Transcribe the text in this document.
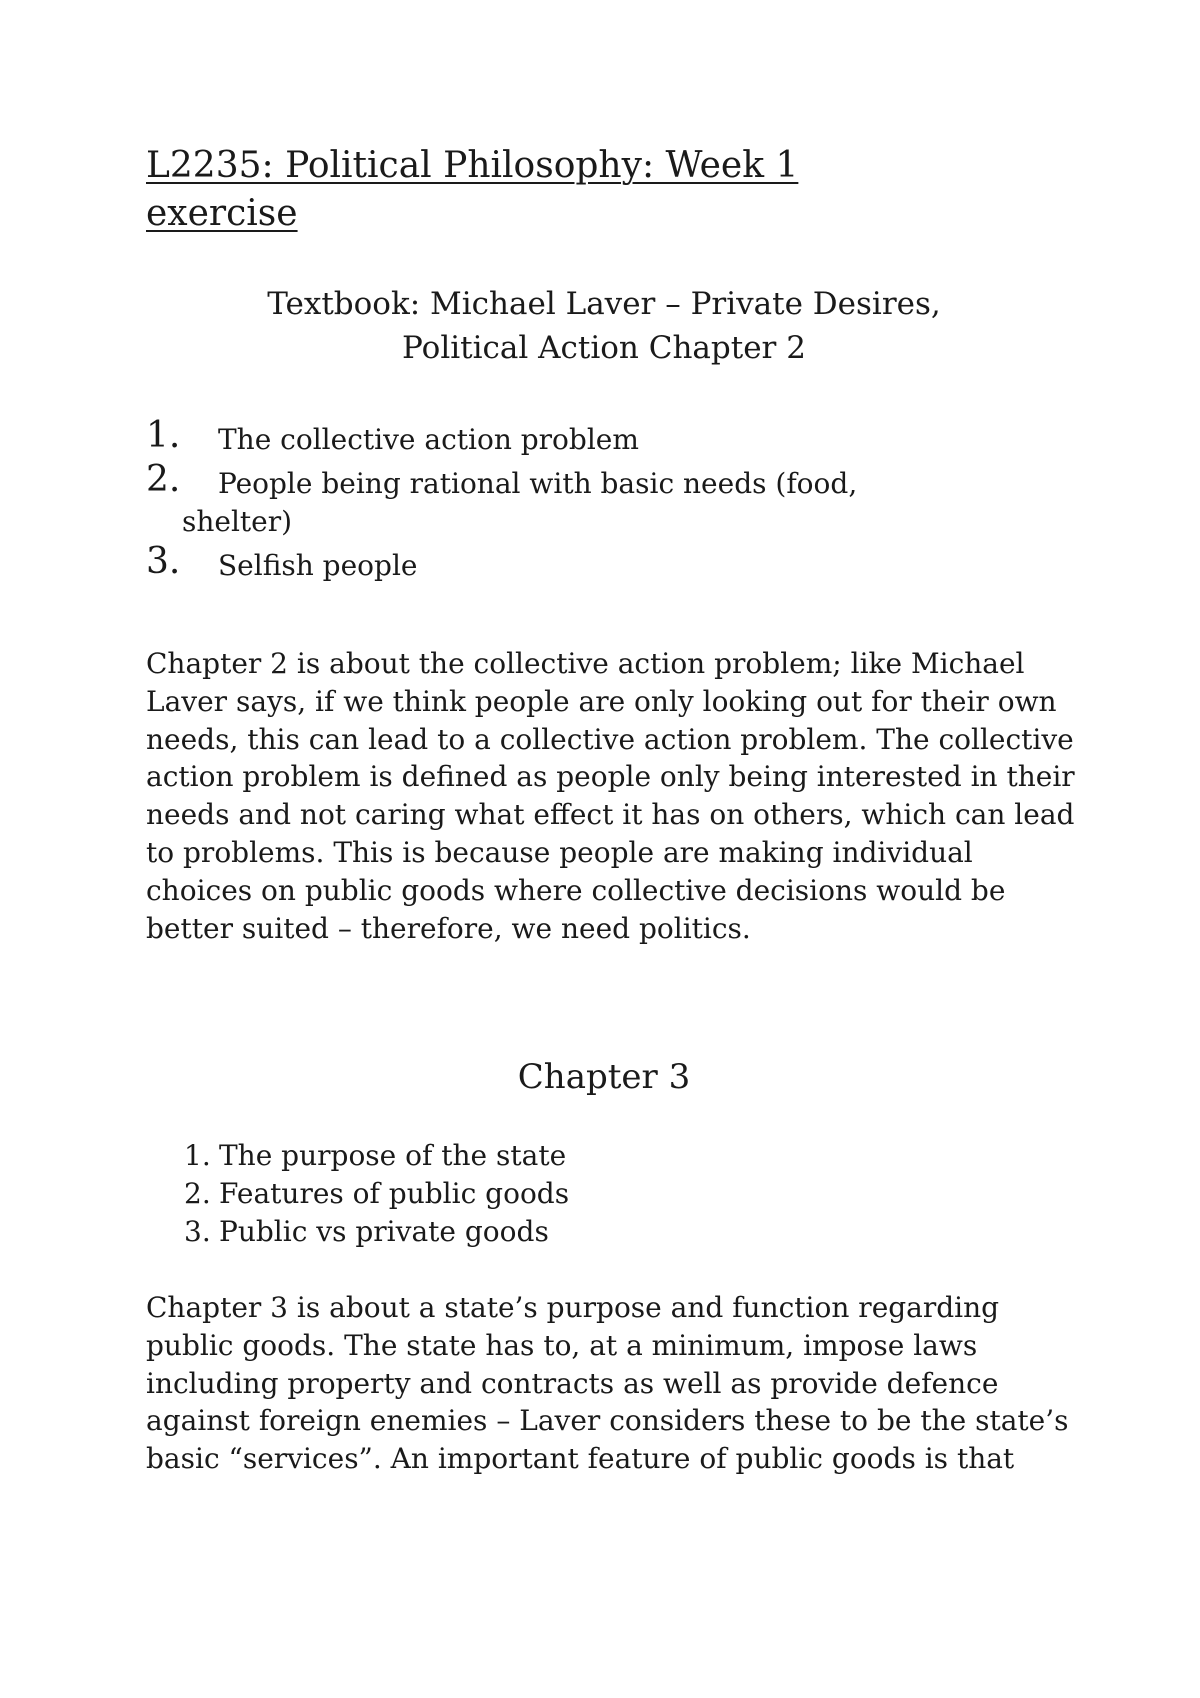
L2235: Political Philosophy: Week 1
exercise
Textbook: Michael Laver – Private Desires,
Political Action Chapter 2
1. The collective action problem
2. People being rational with basic needs (food,
shelter)
3. Selfish people

Chapter 2 is about the collective action problem; like Michael Laver says, if we think people are only looking out for their own needs, this can lead to a collective action problem. The collective action problem is defined as people only being interested in their needs and not caring what effect it has on others, which can lead to problems. This is because people are making individual choices on public goods where collective decisions would be better suited – therefore, we need politics.

Chapter 3
1. The purpose of the state
2. Features of public goods
3. Public vs private goods

Chapter 3 is about a state’s purpose and function regarding public goods. The state has to, at a minimum, impose laws including property and contracts as well as provide defence against foreign enemies – Laver considers these to be the state’s basic “services”. An important feature of public goods is that
